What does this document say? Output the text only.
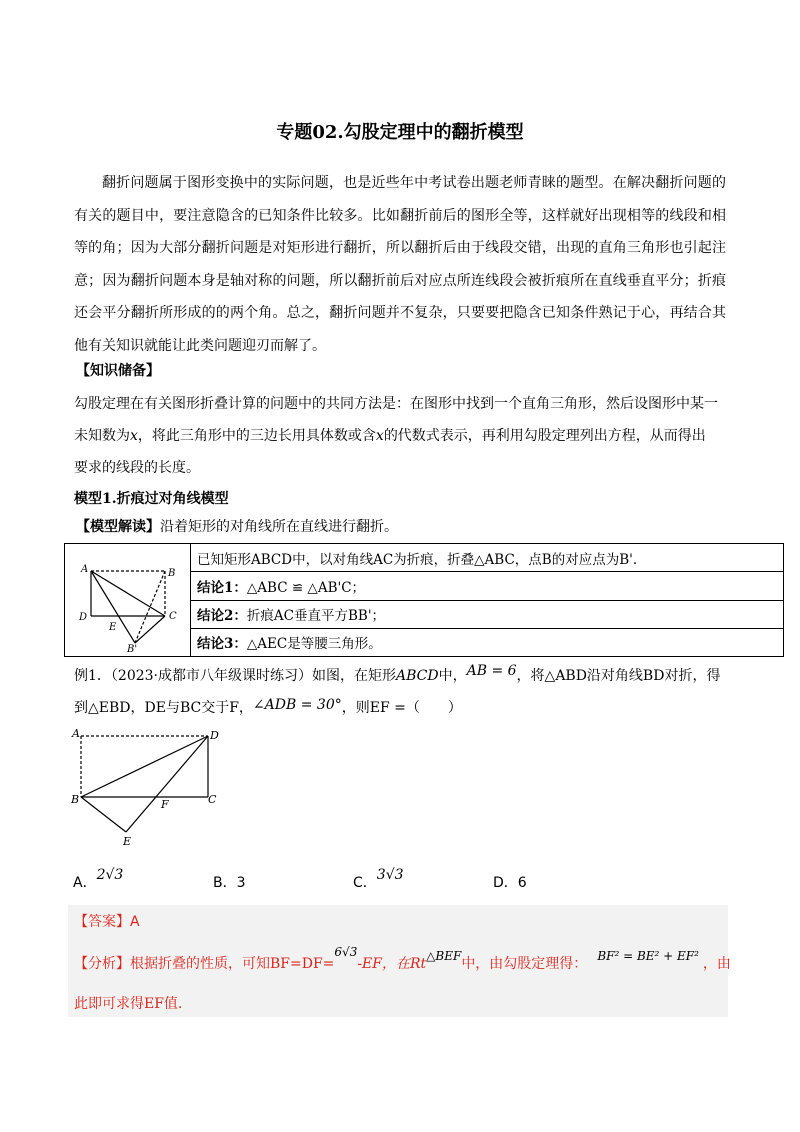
专题02.勾股定理中的翻折模型
翻折问题属于图形变换中的实际问题，也是近些年中考试卷出题老师青睐的题型。在解决翻折问题的有关的题目中，要注意隐含的已知条件比较多。比如翻折前后的图形全等，这样就好出现相等的线段和相等的角；因为大部分翻折问题是对矩形进行翻折，所以翻折后由于线段交错，出现的直角三角形也引起注意；因为翻折问题本身是轴对称的问题，所以翻折前后对应点所连线段会被折痕所在直线垂直平分；折痕还会平分翻折所形成的的两个角。总之，翻折问题并不复杂，只要要把隐含已知条件熟记于心，再结合其他有关知识就能让此类问题迎刃而解了。
【知识储备】
勾股定理在有关图形折叠计算的问题中的共同方法是：在图形中找到一个直角三角形，然后设图形中某一
未知数为x，将此三角形中的三边长用具体数或含x的代数式表示，再利用勾股定理列出方程，从而得出
要求的线段的长度。
模型1.折痕过对角线模型
【模型解读】沿着矩形的对角线所在直线进行翻折。
A	B
C
D
E
B'
	已知矩形ABCD中，以对角线AC为折痕，折叠△ABC，点B的对应点为B'.
结论1：△ABC ≌ △AB'C；
结论2：折痕AC垂直平方BB'；
结论3：△AEC是等腰三角形。
例1．（2023·成都市八年级课时练习）如图，在矩形ABCD中，AB = 6，将△ABD沿对角线BD对折，得
到△EBD，DE与BC交于F，∠ADB = 30°，则EF =（　　）
A	D
B	C
F
E
A．2√3	B．3	C．3√3	D．6
【答案】A
【分析】根据折叠的性质，可知BF=DF=6√3-EF，在Rt△BEF中，由勾股定理得： BF² = BE² + EF² ，由
此即可求得EF值.
